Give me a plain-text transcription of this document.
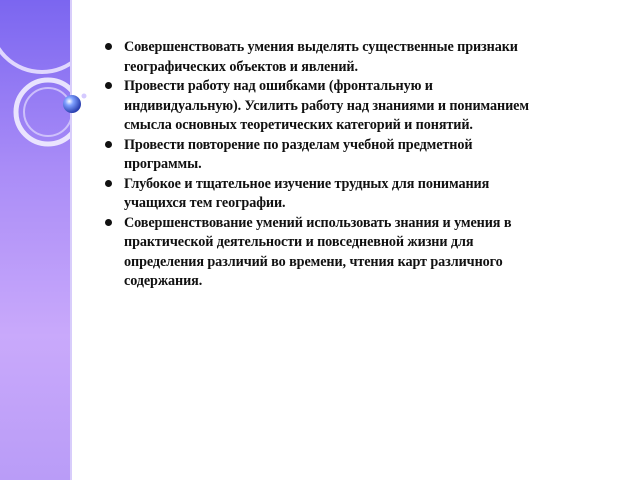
Совершенствовать умения выделять существенные признаки географических объектов и явлений.
Провести работу над ошибками (фронтальную и индивидуальную). Усилить работу над знаниями и пониманием смысла основных теоретических категорий и понятий.
Провести повторение по разделам учебной предметной программы.
Глубокое и тщательное изучение трудных для понимания учащихся тем географии.
Совершенствование умений использовать знания и умения в практической деятельности и повседневной жизни для определения различий во времени, чтения карт различного содержания.
